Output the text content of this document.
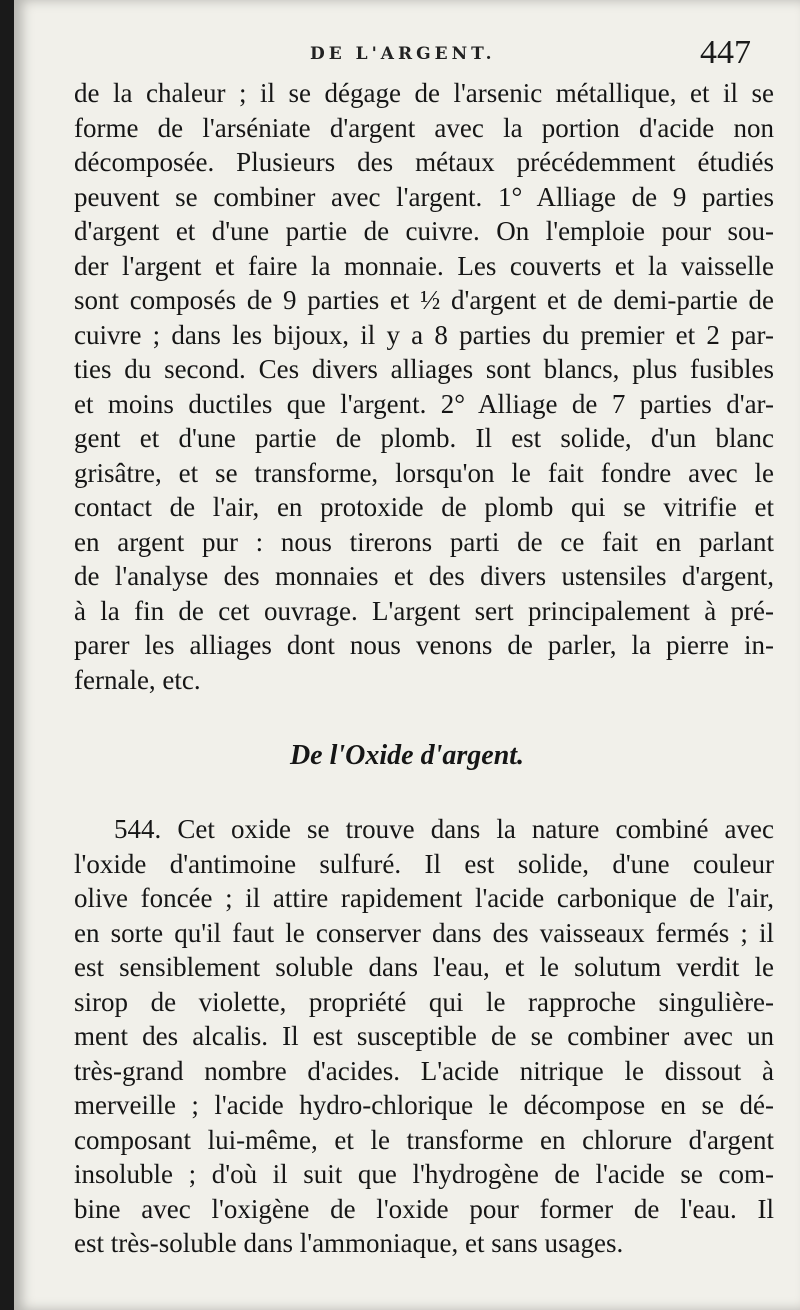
DE L'ARGENT.	447
de la chaleur ; il se dégage de l'arsenic métallique, et il se
forme de l'arséniate d'argent avec la portion d'acide non
décomposée. Plusieurs des métaux précédemment étudiés
peuvent se combiner avec l'argent. 1° Alliage de 9 parties
d'argent et d'une partie de cuivre. On l'emploie pour sou-
der l'argent et faire la monnaie. Les couverts et la vaisselle
sont composés de 9 parties et ½ d'argent et de demi-partie de
cuivre ; dans les bijoux, il y a 8 parties du premier et 2 par-
ties du second. Ces divers alliages sont blancs, plus fusibles
et moins ductiles que l'argent. 2° Alliage de 7 parties d'ar-
gent et d'une partie de plomb. Il est solide, d'un blanc
grisâtre, et se transforme, lorsqu'on le fait fondre avec le
contact de l'air, en protoxide de plomb qui se vitrifie et
en argent pur : nous tirerons parti de ce fait en parlant
de l'analyse des monnaies et des divers ustensiles d'argent,
à la fin de cet ouvrage. L'argent sert principalement à pré-
parer les alliages dont nous venons de parler, la pierre in-
fernale, etc.
De l'Oxide d'argent.
544. Cet oxide se trouve dans la nature combiné avec
l'oxide d'antimoine sulfuré. Il est solide, d'une couleur
olive foncée ; il attire rapidement l'acide carbonique de l'air,
en sorte qu'il faut le conserver dans des vaisseaux fermés ; il
est sensiblement soluble dans l'eau, et le solutum verdit le
sirop de violette, propriété qui le rapproche singulière-
ment des alcalis. Il est susceptible de se combiner avec un
très-grand nombre d'acides. L'acide nitrique le dissout à
merveille ; l'acide hydro-chlorique le décompose en se dé-
composant lui-même, et le transforme en chlorure d'argent
insoluble ; d'où il suit que l'hydrogène de l'acide se com-
bine avec l'oxigène de l'oxide pour former de l'eau. Il
est très-soluble dans l'ammoniaque, et sans usages.
